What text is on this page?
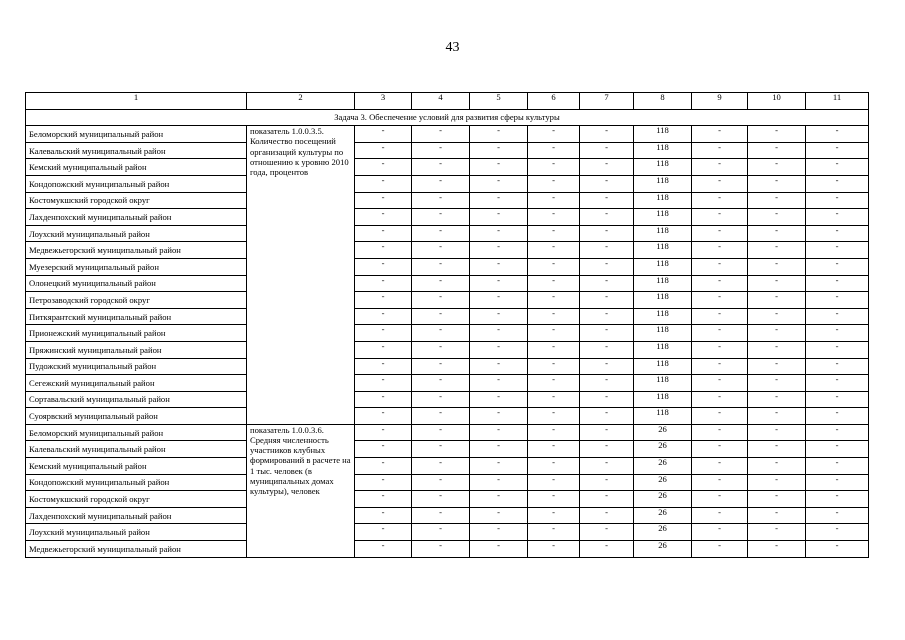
43
1	2	3	4	5	6	7	8	9	10	11
Задача 3. Обеспечение условий для развития сферы культуры										
Беломорский муниципальный район	показатель 1.0.0.3.5. Количество посещений организаций культуры по отношению к уровню 2010 года, процентов	-	-	-	-	-	118	-	-	-
Калевальский муниципальный район		-	-	-	-	-	118	-	-	-
Кемский муниципальный район		-	-	-	-	-	118	-	-	-
Кондопожский муниципальный район		-	-	-	-	-	118	-	-	-
Костомукшский городской округ		-	-	-	-	-	118	-	-	-
Лахденпохский муниципальный район		-	-	-	-	-	118	-	-	-
Лоухский муниципальный район		-	-	-	-	-	118	-	-	-
Медвежьегорский муниципальный район		-	-	-	-	-	118	-	-	-
Муезерский муниципальный район		-	-	-	-	-	118	-	-	-
Олонецкий муниципальный район		-	-	-	-	-	118	-	-	-
Петрозаводский городской округ		-	-	-	-	-	118	-	-	-
Питкярантский муниципальный район		-	-	-	-	-	118	-	-	-
Прионежский муниципальный район		-	-	-	-	-	118	-	-	-
Пряжинский муниципальный район		-	-	-	-	-	118	-	-	-
Пудожский муниципальный район		-	-	-	-	-	118	-	-	-
Сегежский муниципальный район		-	-	-	-	-	118	-	-	-
Сортавальский муниципальный район		-	-	-	-	-	118	-	-	-
Суоярвский муниципальный район		-	-	-	-	-	118	-	-	-
Беломорский муниципальный район	показатель 1.0.0.3.6. Средняя численность участников клубных формирований в расчете на 1 тыс. человек (в муниципальных домах культуры), человек	-	-	-	-	-	26	-	-	-
Калевальский муниципальный район		-	-	-	-	-	26	-	-	-
Кемский муниципальный район		-	-	-	-	-	26	-	-	-
Кондопожский муниципальный район		-	-	-	-	-	26	-	-	-
Костомукшский городской округ		-	-	-	-	-	26	-	-	-
Лахденпохский муниципальный район		-	-	-	-	-	26	-	-	-
Лоухский муниципальный район		-	-	-	-	-	26	-	-	-
Медвежьегорский муниципальный район		-	-	-	-	-	26	-	-	-
